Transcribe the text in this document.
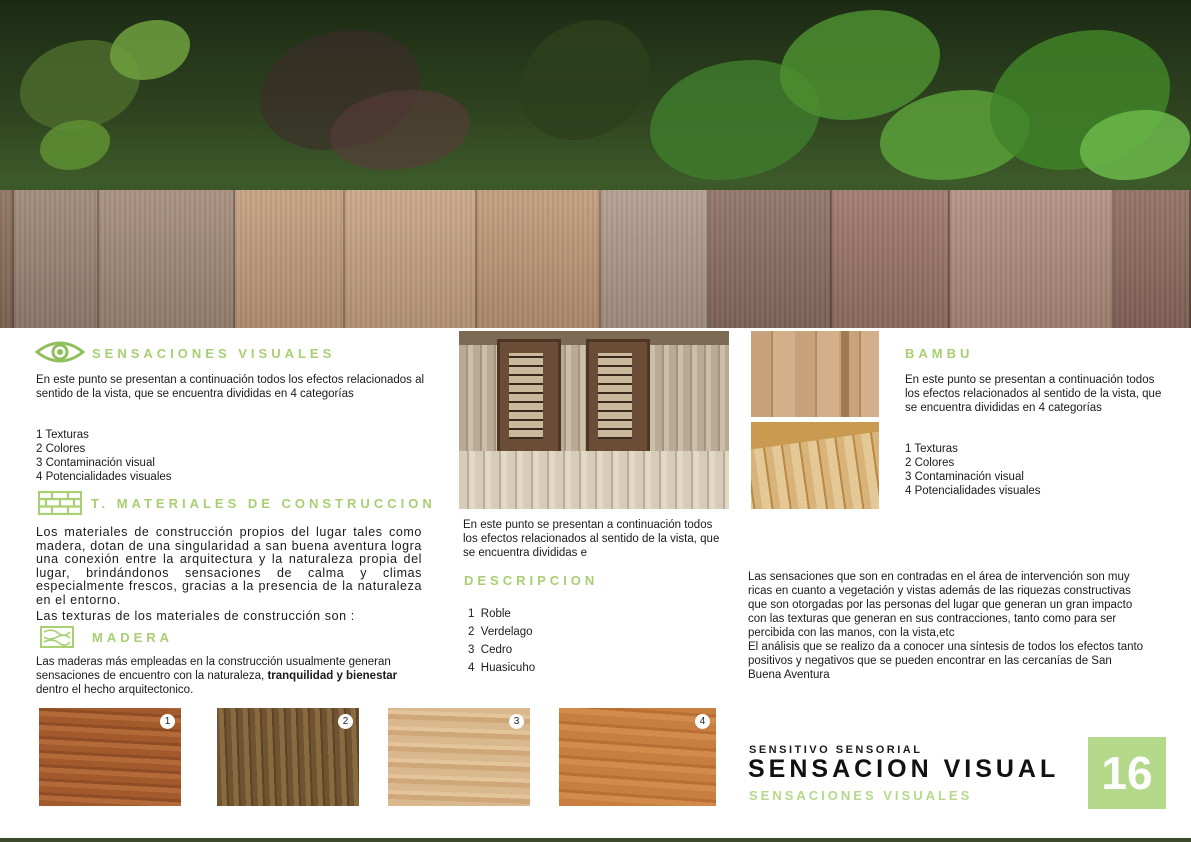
SENSACIONES VISUALES
En este punto se presentan a continuación todos los efectos relacionados al sentido de la vista, que se encuentra divididas en 4 categorías
1 Texturas
2 Colores
3 Contaminación visual
4 Potencialidades visuales
T. MATERIALES DE CONSTRUCCION
Los materiales de construcción propios del lugar tales como madera, dotan de una singularidad a san buena aventura logra una conexión entre la arquitectura y la naturaleza propia del lugar, brindándonos sensaciones de calma y climas especialmente frescos, gracias a la presencia de la naturaleza en el entorno.
Las texturas de los materiales de construcción son :
MADERA
Las maderas más empleadas en la construcción usualmente generan sensaciones de encuentro con la naturaleza, tranquilidad y bienestar dentro el hecho arquitectonico.
1	2	3	4
En este punto se presentan a continuación todos los efectos relacionados al sentido de la vista, que se encuentra divididas e
DESCRIPCION
1  Roble
2  Verdelago
3  Cedro
4  Huasicuho
BAMBU
En este punto se presentan a continuación todos los efectos relacionados al sentido de la vista, que se encuentra divididas en 4 categorías
1 Texturas
2 Colores
3 Contaminación visual
4 Potencialidades visuales
Las sensaciones que son en contradas en el área de intervención son muy ricas en cuanto a vegetación y vistas además de las riquezas constructivas que son otorgadas por las personas del lugar que generan un gran impacto con las texturas que generan en sus contracciones, tanto como para ser percibida con las manos, con la vista,etc
El análisis que se realizo da a conocer una síntesis de todos los efectos tanto positivos y negativos que se pueden encontrar en las cercanías de San Buena Aventura
SENSITIVO SENSORIAL
SENSACION VISUAL
SENSACIONES VISUALES	16
